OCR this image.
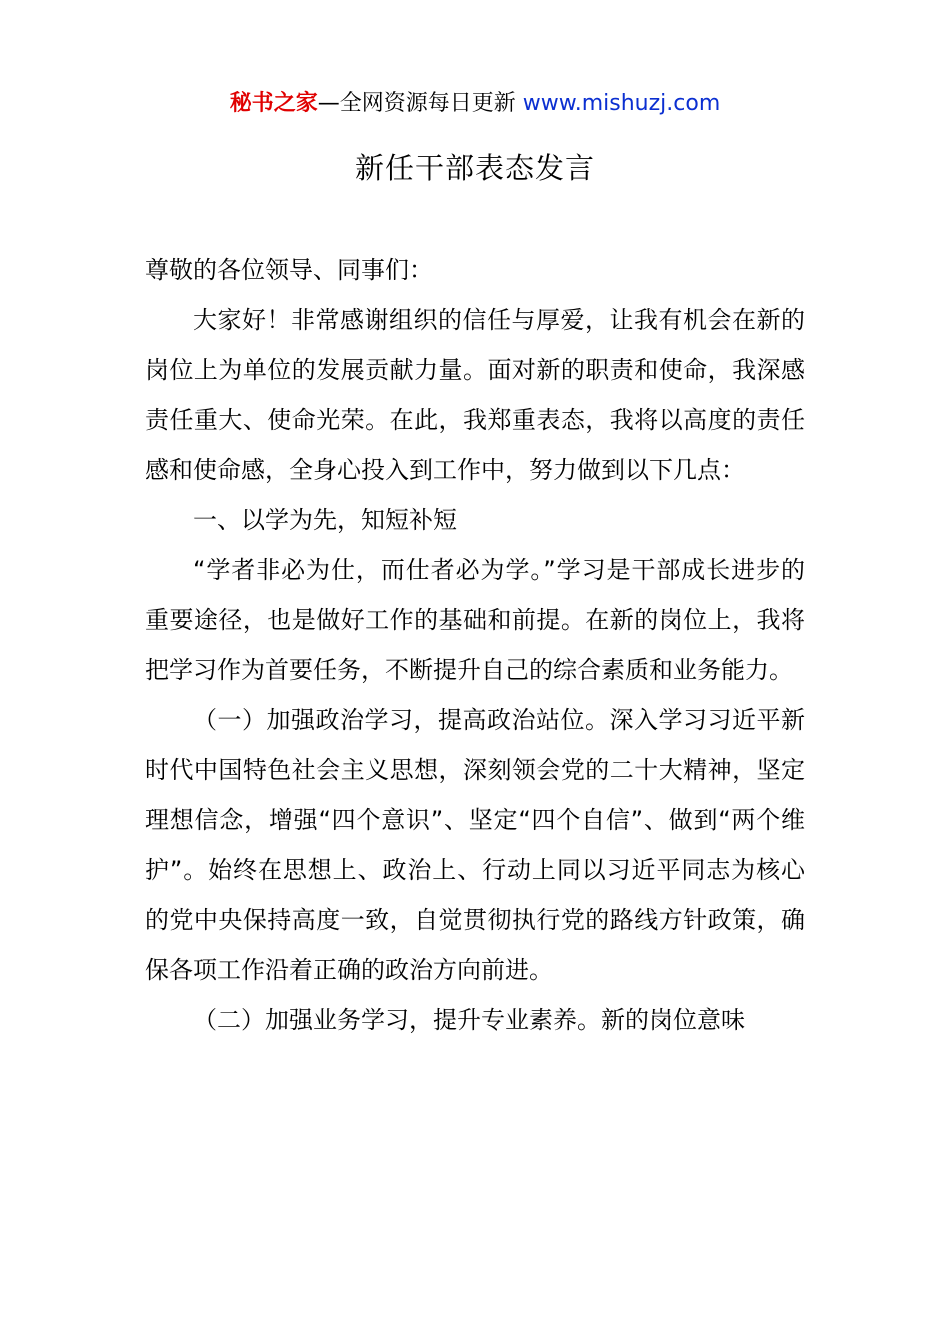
秘书之家—全网资源每日更新 www.mishuzj.com
新任干部表态发言

尊敬的各位领导、同事们：

大家好！非常感谢组织的信任与厚爱，让我有机会在新的岗位上为单位的发展贡献力量。面对新的职责和使命，我深感责任重大、使命光荣。在此，我郑重表态，我将以高度的责任感和使命感，全身心投入到工作中，努力做到以下几点：

一、以学为先，知短补短

“学者非必为仕，而仕者必为学。”学习是干部成长进步的重要途径，也是做好工作的基础和前提。在新的岗位上，我将把学习作为首要任务，不断提升自己的综合素质和业务能力。

（一）加强政治学习，提高政治站位。深入学习习近平新时代中国特色社会主义思想，深刻领会党的二十大精神，坚定理想信念，增强“四个意识”、坚定“四个自信”、做到“两个维护”。始终在思想上、政治上、行动上同以习近平同志为核心的党中央保持高度一致，自觉贯彻执行党的路线方针政策，确保各项工作沿着正确的政治方向前进。

（二）加强业务学习，提升专业素养。新的岗位意味
